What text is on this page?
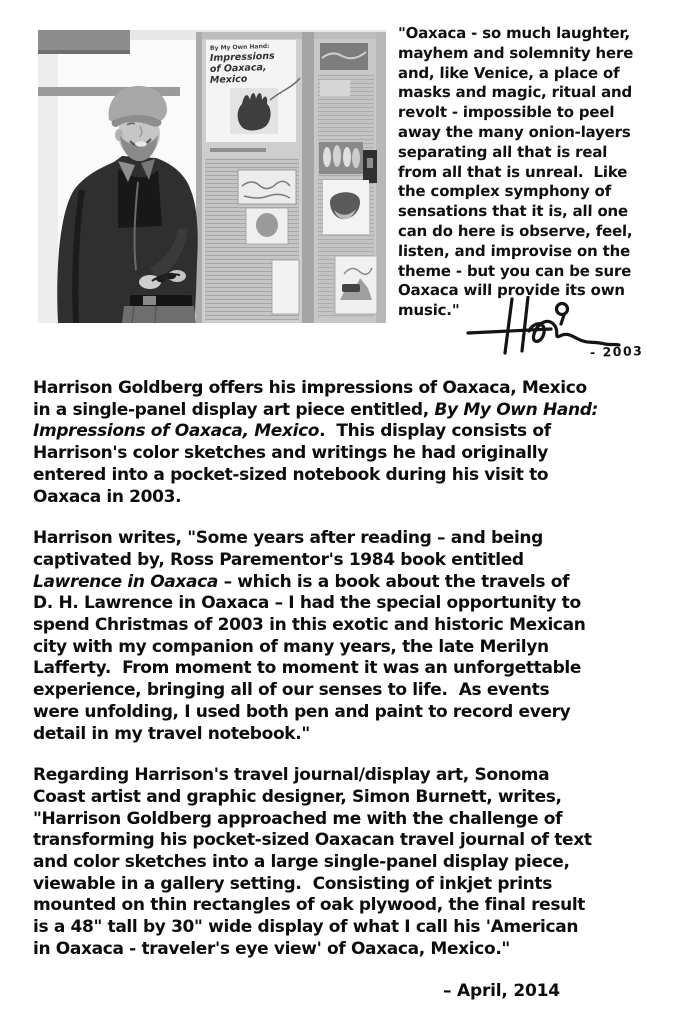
By My Own Hand:
Impressions
of Oaxaca,
Mexico
"Oaxaca - so much laughter,
mayhem and solemnity here
and, like Venice, a place of
masks and magic, ritual and
revolt - impossible to peel
away the many onion-layers
separating all that is real
from all that is unreal.  Like
the complex symphony of
sensations that it is, all one
can do here is observe, feel,
listen, and improvise on the
theme - but you can be sure
Oaxaca will provide its own
music."
- 2003
Harrison Goldberg offers his impressions of Oaxaca, Mexico
in a single-panel display art piece entitled, By My Own Hand:
Impressions of Oaxaca, Mexico.  This display consists of
Harrison's color sketches and writings he had originally
entered into a pocket-sized notebook during his visit to
Oaxaca in 2003.
Harrison writes, "Some years after reading – and being
captivated by, Ross Parementor's 1984 book entitled
Lawrence in Oaxaca – which is a book about the travels of
D. H. Lawrence in Oaxaca – I had the special opportunity to
spend Christmas of 2003 in this exotic and historic Mexican
city with my companion of many years, the late Merilyn
Lafferty.  From moment to moment it was an unforgettable
experience, bringing all of our senses to life.  As events
were unfolding, I used both pen and paint to record every
detail in my travel notebook."
Regarding Harrison's travel journal/display art, Sonoma
Coast artist and graphic designer, Simon Burnett, writes,
"Harrison Goldberg approached me with the challenge of
transforming his pocket-sized Oaxacan travel journal of text
and color sketches into a large single-panel display piece,
viewable in a gallery setting.  Consisting of inkjet prints
mounted on thin rectangles of oak plywood, the final result
is a 48" tall by 30" wide display of what I call his 'American
in Oaxaca - traveler's eye view' of Oaxaca, Mexico."
– April, 2014
